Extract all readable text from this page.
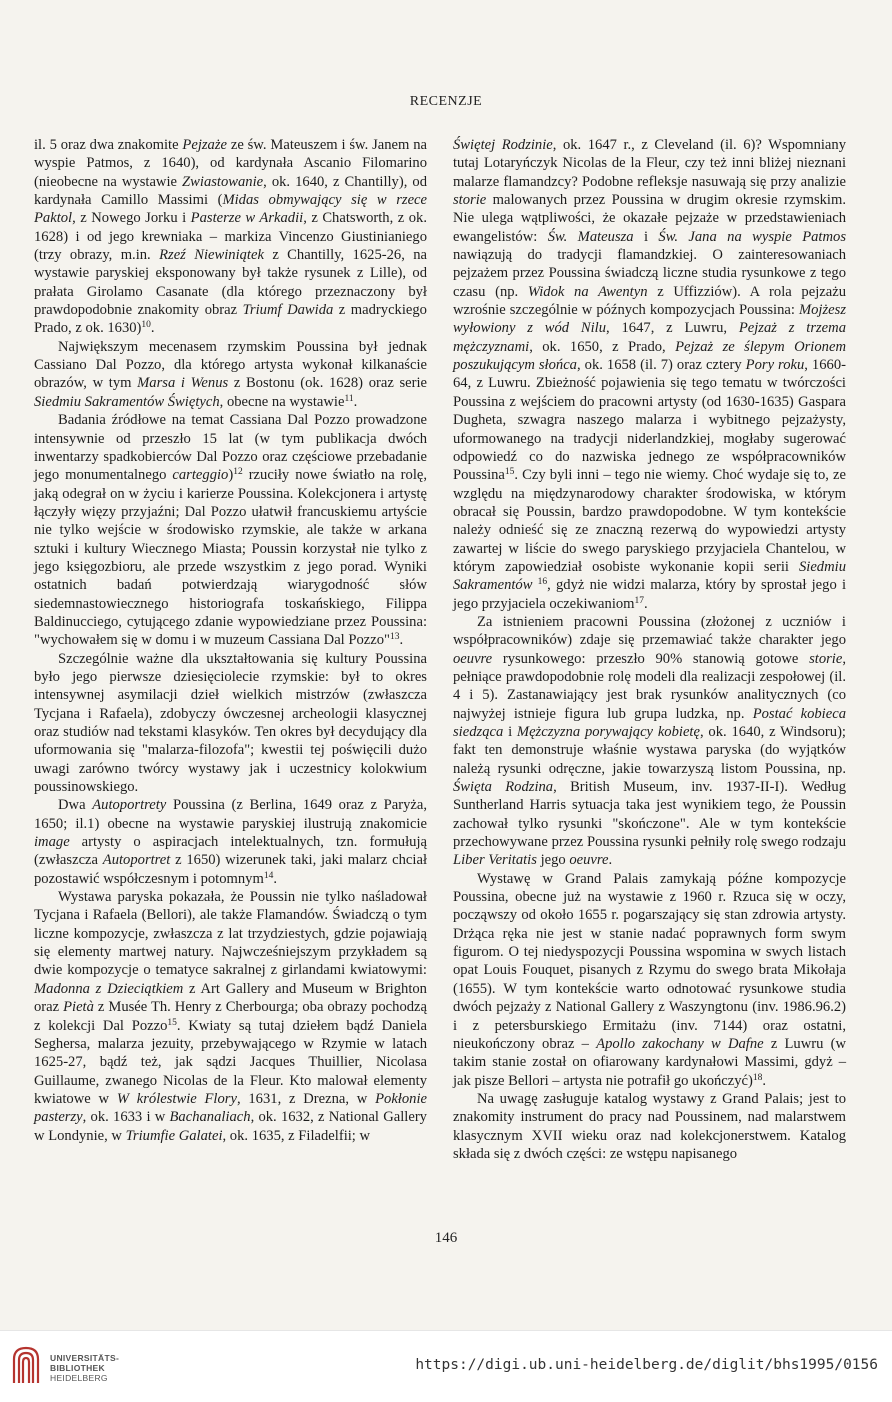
RECENZJE

il. 5 oraz dwa znakomite Pejzaże ze św. Mateuszem i św. Janem na wyspie Patmos, z 1640), od kardynała Ascanio Filomarino (nieobecne na wystawie Zwiastowanie, ok. 1640, z Chantilly), od kardynała Camillo Massimi (Midas obmywający się w rzece Paktol, z Nowego Jorku i Pasterze w Arkadii, z Chatsworth, z ok. 1628) i od jego krewniaka – markiza Vincenzo Giustinianiego (trzy obrazy, m.in. Rzeź Niewiniątek z Chantilly, 1625-26, na wystawie paryskiej eksponowany był także rysunek z Lille), od prałata Girolamo Casanate (dla którego przeznaczony był prawdopodobnie znakomity obraz Triumf Dawida z madryckiego Prado, z ok. 1630)$^{10}$.

Największym mecenasem rzymskim Poussina był jednak Cassiano Dal Pozzo, dla którego artysta wykonał kilkanaście obrazów, w tym Marsa i Wenus z Bostonu (ok. 1628) oraz serie Siedmiu Sakramentów Świętych, obecne na wystawie$^{11}$.

Badania źródłowe na temat Cassiana Dal Pozzo prowadzone intensywnie od przeszło 15 lat (w tym publikacja dwóch inwentarzy spadkobierców Dal Pozzo oraz częściowe przebadanie jego monumentalnego carteggio)$^{12}$ rzuciły nowe światło na rolę, jaką odegrał on w życiu i karierze Poussina. Kolekcjonera i artystę łączyły więzy przyjaźni; Dal Pozzo ułatwił francuskiemu artyście nie tylko wejście w środowisko rzymskie, ale także w arkana sztuki i kultury Wiecznego Miasta; Poussin korzystał nie tylko z jego księgozbioru, ale przede wszystkim z jego porad. Wyniki ostatnich badań potwierdzają wiarygodność słów siedemnastowiecznego historiografa toskańskiego, Filippa Baldinucciego, cytującego zdanie wypowiedziane przez Poussina: "wychowałem się w domu i w muzeum Cassiana Dal Pozzo"$^{13}$.

Szczególnie ważne dla ukształtowania się kultury Poussina było jego pierwsze dziesięciolecie rzymskie: był to okres intensywnej asymilacji dzieł wielkich mistrzów (zwłaszcza Tycjana i Rafaela), zdobyczy ówczesnej archeologii klasycznej oraz studiów nad tekstami klasyków. Ten okres był decydujący dla uformowania się "malarza-filozofa"; kwestii tej poświęcili dużo uwagi zarówno twórcy wystawy jak i uczestnicy kolokwium poussinowskiego.

Dwa Autoportrety Poussina (z Berlina, 1649 oraz z Paryża, 1650; il.1) obecne na wystawie paryskiej ilustrują znakomicie image artysty o aspiracjach intelektualnych, tzn. formułują (zwłaszcza Autoportret z 1650) wizerunek taki, jaki malarz chciał pozostawić współczesnym i potomnym$^{14}$.

Wystawa paryska pokazała, że Poussin nie tylko naśladował Tycjana i Rafaela (Bellori), ale także Flamandów. Świadczą o tym liczne kompozycje, zwłaszcza z lat trzydziestych, gdzie pojawiają się elementy martwej natury. Najwcześniejszym przykładem są dwie kompozycje o tematyce sakralnej z girlandami kwiatowymi: Madonna z Dzieciątkiem z Art Gallery and Museum w Brighton oraz Pietà z Musée Th. Henry z Cherbourga; oba obrazy pochodzą z kolekcji Dal Pozzo$^{15}$. Kwiaty są tutaj dziełem bądź Daniela Seghersa, malarza jezuity, przebywającego w Rzymie w latach 1625-27, bądź też, jak sądzi Jacques Thuillier, Nicolasa Guillaume, zwanego Nicolas de la Fleur. Kto malował elementy kwiatowe w W królestwie Flory, 1631, z Drezna, w Pokłonie pasterzy, ok. 1633 i w Bachanaliach, ok. 1632, z National Gallery w Londynie, w Triumfie Galatei, ok. 1635, z Filadelfii; w

Świętej Rodzinie, ok. 1647 r., z Cleveland (il. 6)? Wspomniany tutaj Lotaryńczyk Nicolas de la Fleur, czy też inni bliżej nieznani malarze flamandzcy? Podobne refleksje nasuwają się przy analizie storie malowanych przez Poussina w drugim okresie rzymskim. Nie ulega wątpliwości, że okazałe pejzaże w przedstawieniach ewangelistów: Św. Mateusza i Św. Jana na wyspie Patmos nawiązują do tradycji flamandzkiej. O zainteresowaniach pejzażem przez Poussina świadczą liczne studia rysunkowe z tego czasu (np. Widok na Awentyn z Uffizziów). A rola pejzażu wzrośnie szczególnie w późnych kompozycjach Poussina: Mojżesz wyłowiony z wód Nilu, 1647, z Luwru, Pejzaż z trzema mężczyznami, ok. 1650, z Prado, Pejzaż ze ślepym Orionem poszukującym słońca, ok. 1658 (il. 7) oraz cztery Pory roku, 1660-64, z Luwru. Zbieżność pojawienia się tego tematu w twórczości Poussina z wejściem do pracowni artysty (od 1630-1635) Gaspara Dugheta, szwagra naszego malarza i wybitnego pejzażysty, uformowanego na tradycji niderlandzkiej, mogłaby sugerować odpowiedź co do nazwiska jednego ze współpracowników Poussina$^{15}$. Czy byli inni – tego nie wiemy. Choć wydaje się to, ze względu na międzynarodowy charakter środowiska, w którym obracał się Poussin, bardzo prawdopodobne. W tym kontekście należy odnieść się ze znaczną rezerwą do wypowiedzi artysty zawartej w liście do swego paryskiego przyjaciela Chantelou, w którym zapowiedział osobiste wykonanie kopii serii Siedmiu Sakramentów $^{16}$, gdyż nie widzi malarza, który by sprostał jego i jego przyjaciela oczekiwaniom$^{17}$.

Za istnieniem pracowni Poussina (złożonej z uczniów i współpracowników) zdaje się przemawiać także charakter jego oeuvre rysunkowego: przeszło 90% stanowią gotowe storie, pełniące prawdopodobnie rolę modeli dla realizacji zespołowej (il. 4 i 5). Zastanawiający jest brak rysunków analitycznych (co najwyżej istnieje figura lub grupa ludzka, np. Postać kobieca siedząca i Mężczyzna porywający kobietę, ok. 1640, z Windsoru); fakt ten demonstruje właśnie wystawa paryska (do wyjątków należą rysunki odręczne, jakie towarzyszą listom Poussina, np. Święta Rodzina, British Museum, inv. 1937-II-I). Według Suntherland Harris sytuacja taka jest wynikiem tego, że Poussin zachował tylko rysunki "skończone". Ale w tym kontekście przechowywane przez Poussina rysunki pełniły rolę swego rodzaju Liber Veritatis jego oeuvre.

Wystawę w Grand Palais zamykają późne kompozycje Poussina, obecne już na wystawie z 1960 r. Rzuca się w oczy, począwszy od około 1655 r. pogarszający się stan zdrowia artysty. Drżąca ręka nie jest w stanie nadać poprawnych form swym figurom. O tej niedyspozycji Poussina wspomina w swych listach opat Louis Fouquet, pisanych z Rzymu do swego brata Mikołaja (1655). W tym kontekście warto odnotować rysunkowe studia dwóch pejzaży z National Gallery z Waszyngtonu (inv. 1986.96.2) i z petersburskiego Ermitażu (inv. 7144) oraz ostatni, nieukończony obraz – Apollo zakochany w Dafne z Luwru (w takim stanie został on ofiarowany kardynałowi Massimi, gdyż – jak pisze Bellori – artysta nie potrafił go ukończyć)$^{18}$.

Na uwagę zasługuje katalog wystawy z Grand Palais; jest to znakomity instrument do pracy nad Poussinem, nad malarstwem klasycznym XVII wieku oraz nad kolekcjonerstwem. Katalog składa się z dwóch części: ze wstępu napisanego

146
UNIVERSITÄTS-
BIBLIOTHEK
HEIDELBERG
https://digi.ub.uni-heidelberg.de/diglit/bhs1995/0156
